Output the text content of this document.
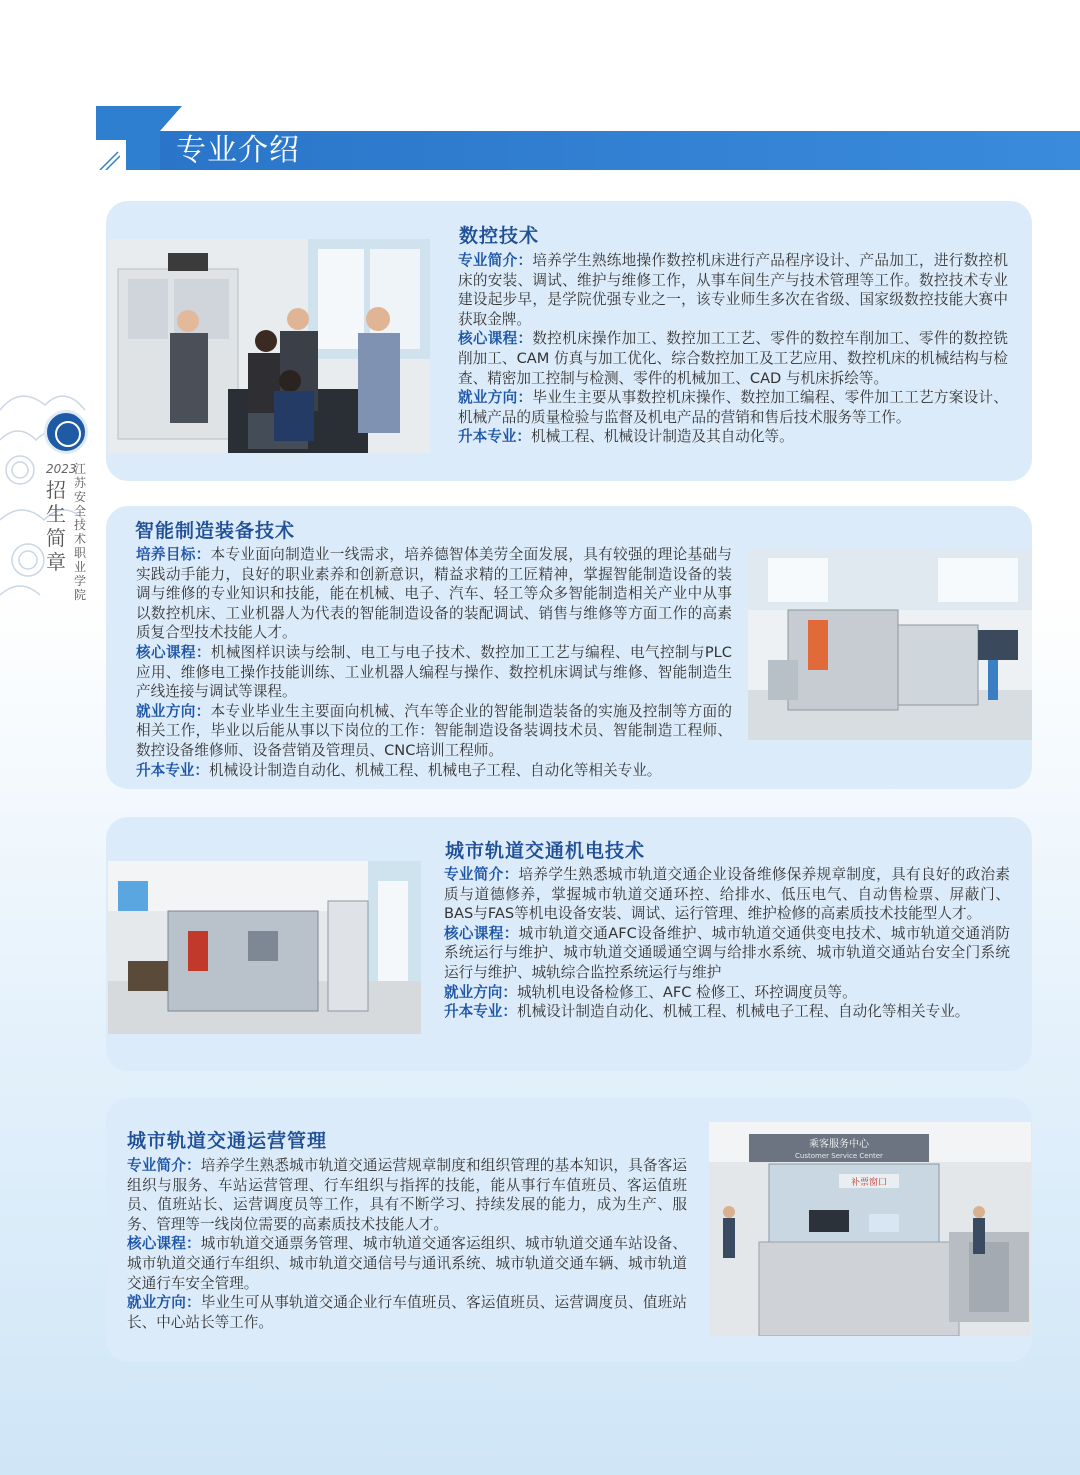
专业介绍
2023
招生简章
江苏安全技术职业学院
数控技术

专业简介：培养学生熟练地操作数控机床进行产品程序设计、产品加工，进行数控机床的安装、调试、维护与维修工作，从事车间生产与技术管理等工作。数控技术专业建设起步早，是学院优强专业之一，该专业师生多次在省级、国家级数控技能大赛中获取金牌。

核心课程：数控机床操作加工、数控加工工艺、零件的数控车削加工、零件的数控铣削加工、CAM 仿真与加工优化、综合数控加工及工艺应用、数控机床的机械结构与检查、精密加工控制与检测、零件的机械加工、CAD 与机床拆绘等。

就业方向：毕业生主要从事数控机床操作、数控加工编程、零件加工工艺方案设计、机械产品的质量检验与监督及机电产品的营销和售后技术服务等工作。

升本专业：机械工程、机械设计制造及其自动化等。

智能制造装备技术

培养目标：本专业面向制造业一线需求，培养德智体美劳全面发展，具有较强的理论基础与实践动手能力，良好的职业素养和创新意识，精益求精的工匠精神，掌握智能制造设备的装调与维修的专业知识和技能，能在机械、电子、汽车、轻工等众多智能制造相关产业中从事以数控机床、工业机器人为代表的智能制造设备的装配调试、销售与维修等方面工作的高素质复合型技术技能人才。

核心课程：机械图样识读与绘制、电工与电子技术、数控加工工艺与编程、电气控制与PLC应用、维修电工操作技能训练、工业机器人编程与操作、数控机床调试与维修、智能制造生产线连接与调试等课程。

就业方向：本专业毕业生主要面向机械、汽车等企业的智能制造装备的实施及控制等方面的相关工作，毕业以后能从事以下岗位的工作：智能制造设备装调技术员、智能制造工程师、数控设备维修师、设备营销及管理员、CNC培训工程师。

升本专业：机械设计制造自动化、机械工程、机械电子工程、自动化等相关专业。

城市轨道交通机电技术

专业简介：培养学生熟悉城市轨道交通企业设备维修保养规章制度，具有良好的政治素质与道德修养，掌握城市轨道交通环控、给排水、低压电气、自动售检票、屏蔽门、BAS与FAS等机电设备安装、调试、运行管理、维护检修的高素质技术技能型人才。

核心课程：城市轨道交通AFC设备维护、城市轨道交通供变电技术、城市轨道交通消防系统运行与维护、城市轨道交通暖通空调与给排水系统、城市轨道交通站台安全门系统运行与维护、城轨综合监控系统运行与维护

就业方向：城轨机电设备检修工、AFC 检修工、环控调度员等。

升本专业：机械设计制造自动化、机械工程、机械电子工程、自动化等相关专业。

城市轨道交通运营管理

专业简介：培养学生熟悉城市轨道交通运营规章制度和组织管理的基本知识，具备客运组织与服务、车站运营管理、行车组织与指挥的技能，能从事行车值班员、客运值班员、值班站长、运营调度员等工作，具有不断学习、持续发展的能力，成为生产、服务、管理等一线岗位需要的高素质技术技能人才。

核心课程：城市轨道交通票务管理、城市轨道交通客运组织、城市轨道交通车站设备、城市轨道交通行车组织、城市轨道交通信号与通讯系统、城市轨道交通车辆、城市轨道交通行车安全管理。

就业方向：毕业生可从事轨道交通企业行车值班员、客运值班员、运营调度员、值班站长、中心站长等工作。

乘客服务中心
Customer Service Center
补票窗口
